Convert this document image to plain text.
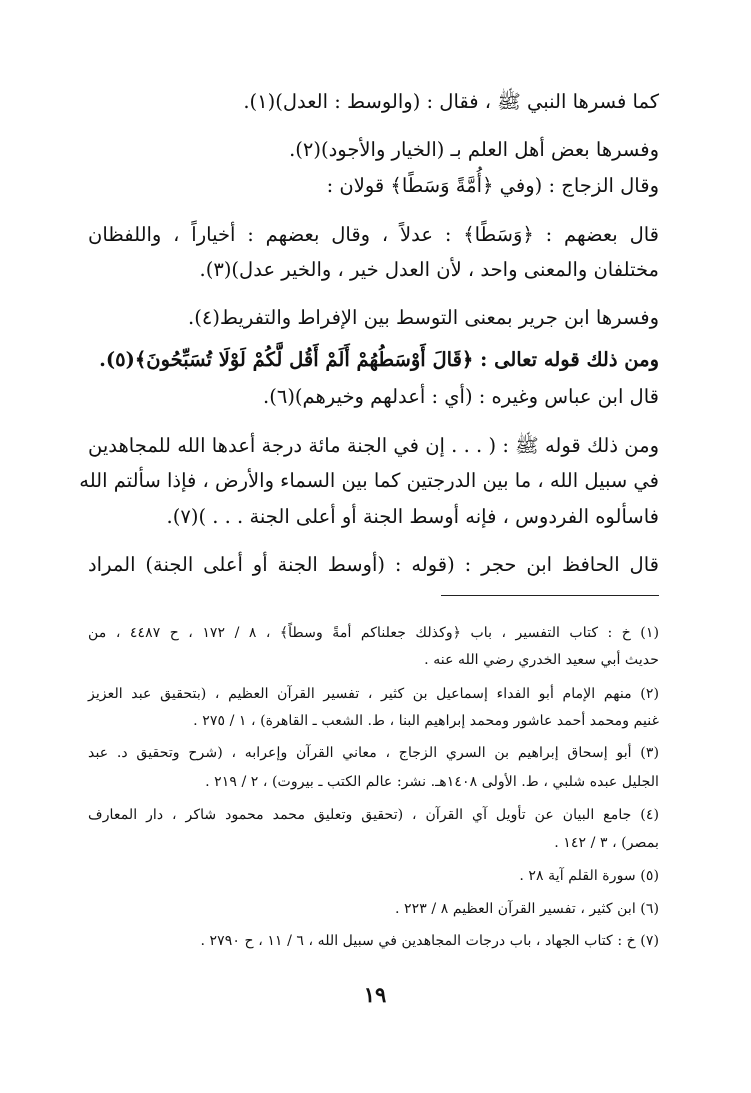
كما فسرها النبي ﷺ ، فقال : (والوسط : العدل)(١).
وفسرها بعض أهل العلم بـ (الخيار والأجود)(٢).
وقال الزجاج : (وفي ﴿أُمَّةً وَسَطًا﴾ قولان :
قال بعضهم : ﴿وَسَطًا﴾ : عدلاً ، وقال بعضهم : أخياراً ، واللفظان
مختلفان والمعنى واحد ، لأن العدل خير ، والخير عدل)(٣).
وفسرها ابن جرير بمعنى التوسط بين الإفراط والتفريط(٤).
ومن ذلك قوله تعالى : ﴿قَالَ أَوْسَطُهُمْ أَلَمْ أَقُل لَّكُمْ لَوْلَا تُسَبِّحُونَ﴾(٥).
قال ابن عباس وغيره : (أي : أعدلهم وخيرهم)(٦).
ومن ذلك قوله ﷺ : ( . . . إن في الجنة مائة درجة أعدها الله للمجاهدين
في سبيل الله ، ما بين الدرجتين كما بين السماء والأرض ، فإذا سألتم الله
فاسألوه الفردوس ، فإنه أوسط الجنة أو أعلى الجنة . . . )(٧).
قال الحافظ ابن حجر : (قوله : (أوسط الجنة أو أعلى الجنة) المراد
(١) خ : كتاب التفسير ، باب ﴿وكذلك جعلناكم أمةً وسطاً﴾ ، ٨ / ١٧٢ ، ح ٤٤٨٧ ، من
حديث أبي سعيد الخدري رضي الله عنه .
(٢) منهم الإمام أبو الفداء إسماعيل بن كثير ، تفسير القرآن العظيم ، (بتحقيق عبد العزيز
غنيم ومحمد أحمد عاشور ومحمد إبراهيم البنا ، ط. الشعب ـ القاهرة) ، ١ / ٢٧٥ .
(٣) أبو إسحاق إبراهيم بن السري الزجاج ، معاني القرآن وإعرابه ، (شرح وتحقيق د. عبد
الجليل عبده شلبي ، ط. الأولى ١٤٠٨هـ. نشر: عالم الكتب ـ بيروت) ، ٢ / ٢١٩ .
(٤) جامع البيان عن تأويل آي القرآن ، (تحقيق وتعليق محمد محمود شاكر ، دار المعارف
بمصر) ، ٣ / ١٤٢ .
(٥) سورة القلم آية ٢٨ .
(٦) ابن كثير ، تفسير القرآن العظيم ٨ / ٢٢٣ .
(٧) خ : كتاب الجهاد ، باب درجات المجاهدين في سبيل الله ، ٦ / ١١ ، ح ٢٧٩٠ .
١٩
